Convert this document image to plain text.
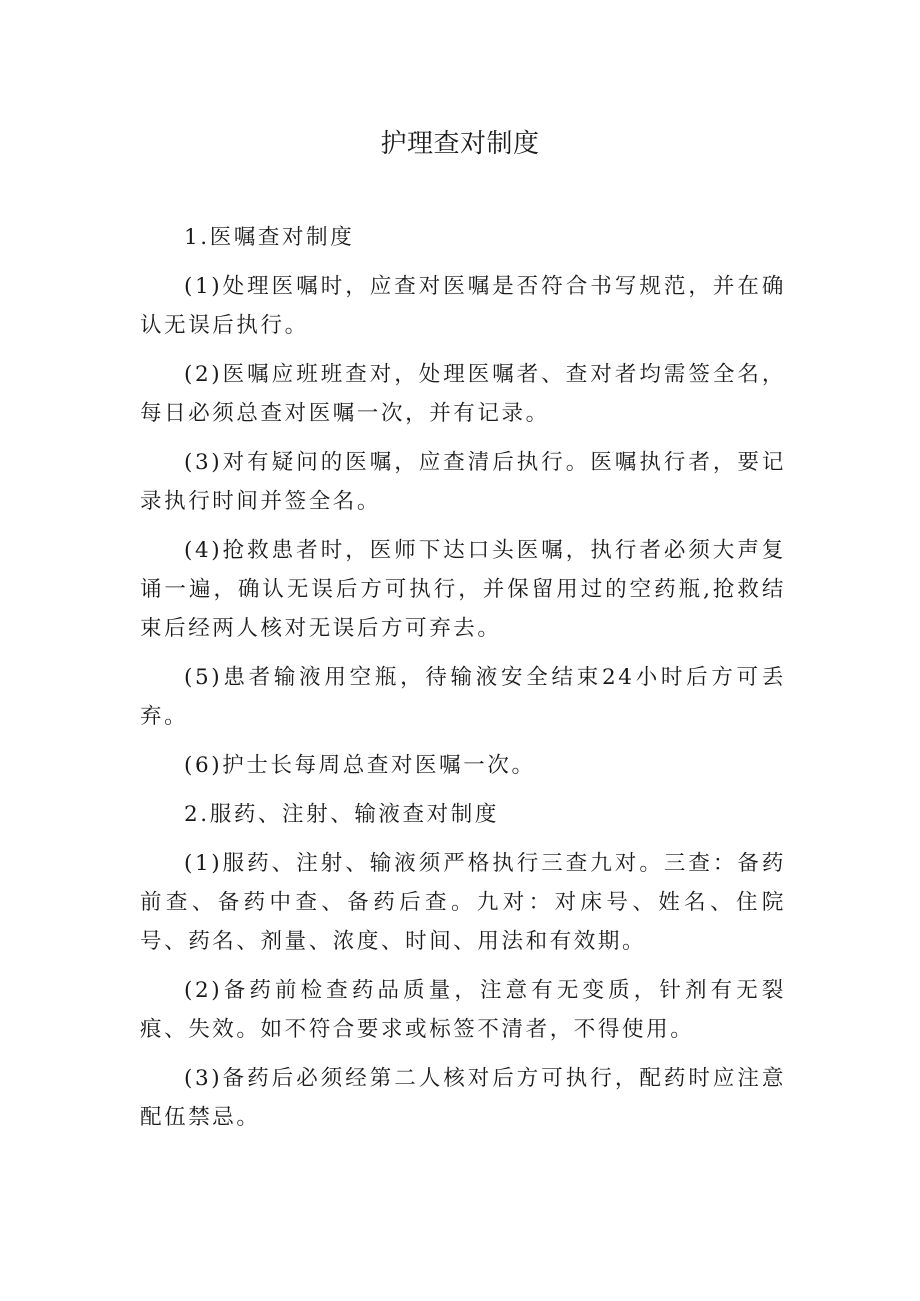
护理查对制度

1.医嘱查对制度

(1)处理医嘱时，应查对医嘱是否符合书写规范，并在确认无误后执行。

(2)医嘱应班班查对，处理医嘱者、查对者均需签全名，每日必须总查对医嘱一次，并有记录。

(3)对有疑问的医嘱，应查清后执行。医嘱执行者，要记录执行时间并签全名。

(4)抢救患者时，医师下达口头医嘱，执行者必须大声复诵一遍，确认无误后方可执行，并保留用过的空药瓶,抢救结束后经两人核对无误后方可弃去。

(5)患者输液用空瓶，待输液安全结束24小时后方可丢弃。

(6)护士长每周总查对医嘱一次。

2.服药、注射、输液查对制度

(1)服药、注射、输液须严格执行三查九对。三查：备药前查、备药中查、备药后查。九对：对床号、姓名、住院号、药名、剂量、浓度、时间、用法和有效期。

(2)备药前检查药品质量，注意有无变质，针剂有无裂痕、失效。如不符合要求或标签不清者，不得使用。

(3)备药后必须经第二人核对后方可执行，配药时应注意配伍禁忌。
